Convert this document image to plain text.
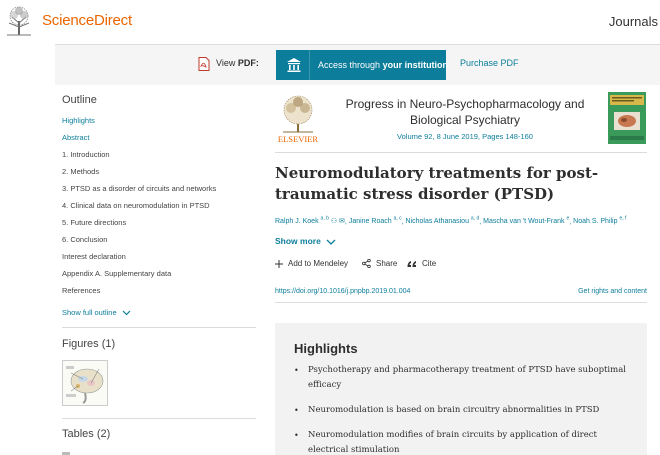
ScienceDirect	Journals
View PDF:	Access through your institution Purchase PDF
Outline
Highlights
Abstract
1. Introduction
2. Methods
3. PTSD as a disorder of circuits and networks
4. Clinical data on neuromodulation in PTSD
5. Future directions
6. Conclusion
Interest declaration
Appendix A. Supplementary data
References
Show full outline
Figures (1)
Tables (2)
ELSEVIER
Progress in Neuro-Psychopharmacology and
Biological Psychiatry
Volume 92, 8 June 2019, Pages 148-160
Neuromodulatory treatments for post-traumatic stress disorder (PTSD)
Ralph J. Koek $^{a, b}$ ⚇ ✉, Janine Roach $^{a, c}$, Nicholas Athanasiou $^{a, d}$, Mascha van 't Wout-Frank $^e$, Noah S. Philip $^{e, f}$
Show more
Add to Mendeley	Share	Cite
https://doi.org/10.1016/j.pnpbp.2019.01.004	Get rights and content
Highlights
• Psychotherapy and pharmacotherapy treatment of PTSD have suboptimal efficacy
• Neuromodulation is based on brain circuitry abnormalities in PTSD
• Neuromodulation modifies of brain circuits by application of direct electrical stimulation
